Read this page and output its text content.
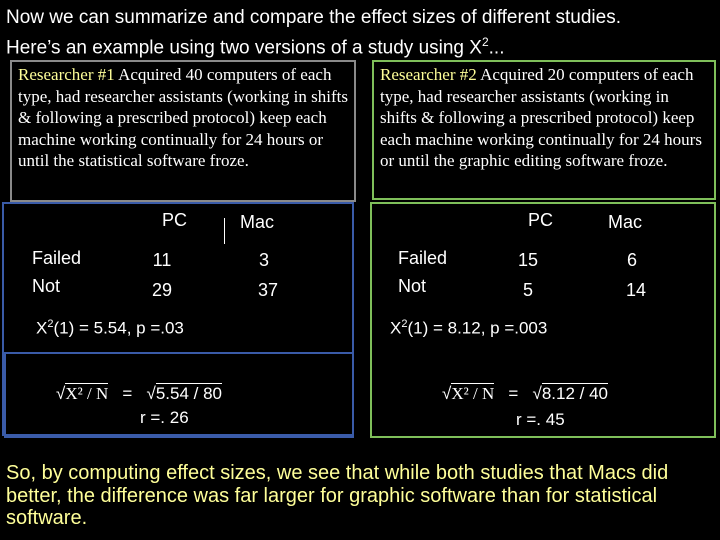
Now we can summarize and compare the effect sizes of different studies.
Here’s an example using two versions of a study using $X^2$...
Researcher #1 Acquired 40 computers of each type, had researcher assistants (working in shifts & following a prescribed protocol) keep each machine working continually for 24 hours or until the statistical software froze.
Researcher #2 Acquired 20 computers of each type, had researcher assistants (working in shifts & following a prescribed protocol) keep each machine working continually for 24 hours or until the graphic editing software froze.
PC	Mac
Failed	11	3
Not	29	37
$X^2(1) = 5.54$, p =.03
√X² / N = √5.54 / 80
r =. 26
PC	Mac
Failed	15	6
Not	5	14
$X^2(1) = 8.12$, p =.003
√X² / N = √8.12 / 40
r =. 45
So, by computing effect sizes, we see that while both studies that Macs did better, the difference was far larger for graphic software than for statistical software.
